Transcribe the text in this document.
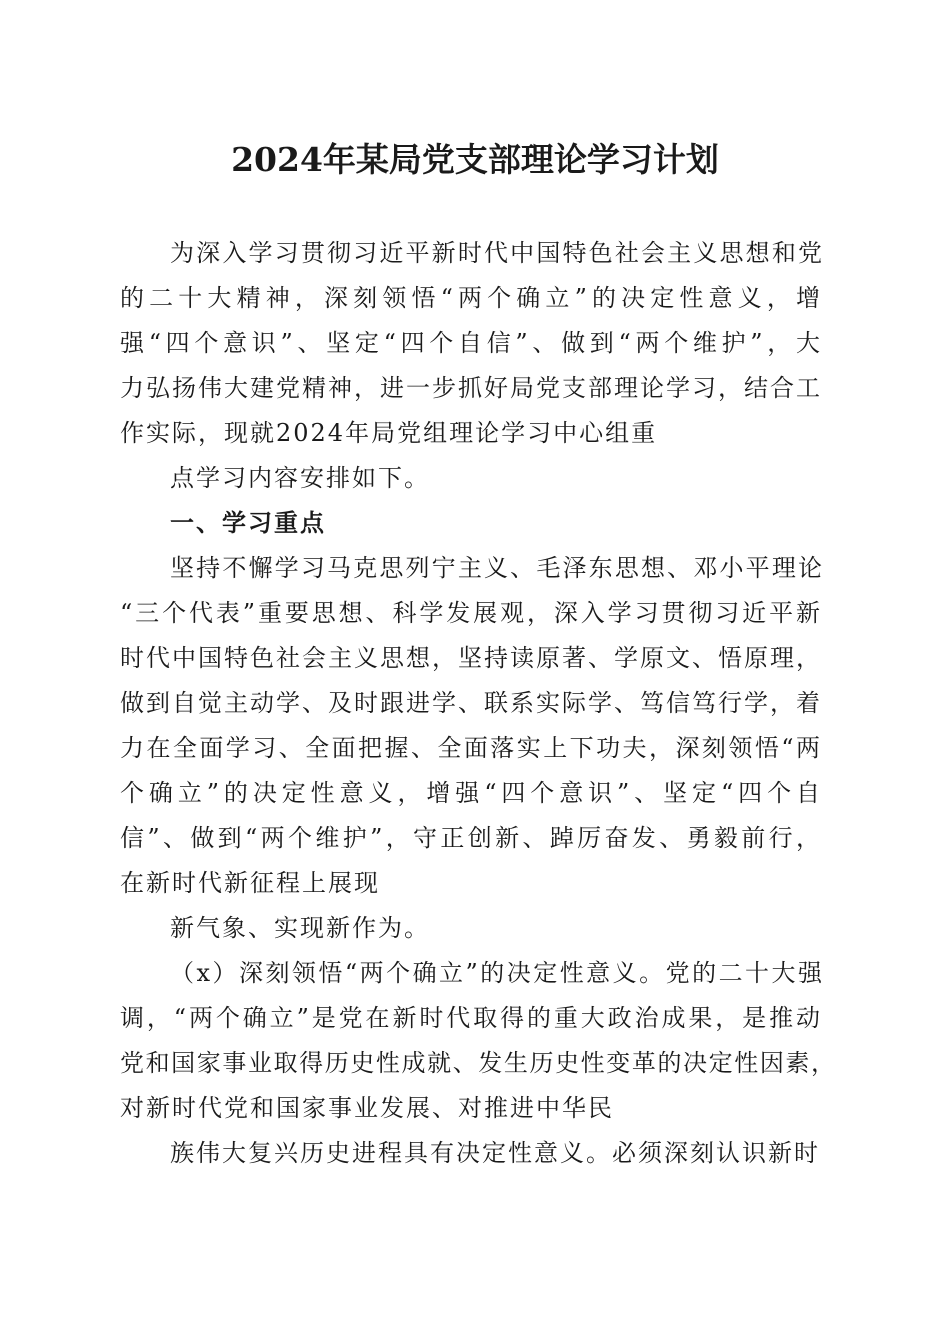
2024年某局党支部理论学习计划
为深入学习贯彻习近平新时代中国特色社会主义思想和党
的二十大精神，深刻领悟“两个确立”的决定性意义，增
强“四个意识”、坚定“四个自信”、做到“两个维护”，大
力弘扬伟大建党精神，进一步抓好局党支部理论学习，结合工
作实际，现就2024年局党组理论学习中心组重
点学习内容安排如下。
一、学习重点
坚持不懈学习马克思列宁主义、毛泽东思想、邓小平理论
“三个代表”重要思想、科学发展观，深入学习贯彻习近平新
时代中国特色社会主义思想，坚持读原著、学原文、悟原理，
做到自觉主动学、及时跟进学、联系实际学、笃信笃行学，着
力在全面学习、全面把握、全面落实上下功夫，深刻领悟“两
个确立”的决定性意义，增强“四个意识”、坚定“四个自
信”、做到“两个维护”，守正创新、踔厉奋发、勇毅前行，
在新时代新征程上展现
新气象、实现新作为。
（x）深刻领悟“两个确立”的决定性意义。党的二十大强
调，“两个确立”是党在新时代取得的重大政治成果，是推动
党和国家事业取得历史性成就、发生历史性变革的决定性因素，
对新时代党和国家事业发展、对推进中华民
族伟大复兴历史进程具有决定性意义。必须深刻认识新时
